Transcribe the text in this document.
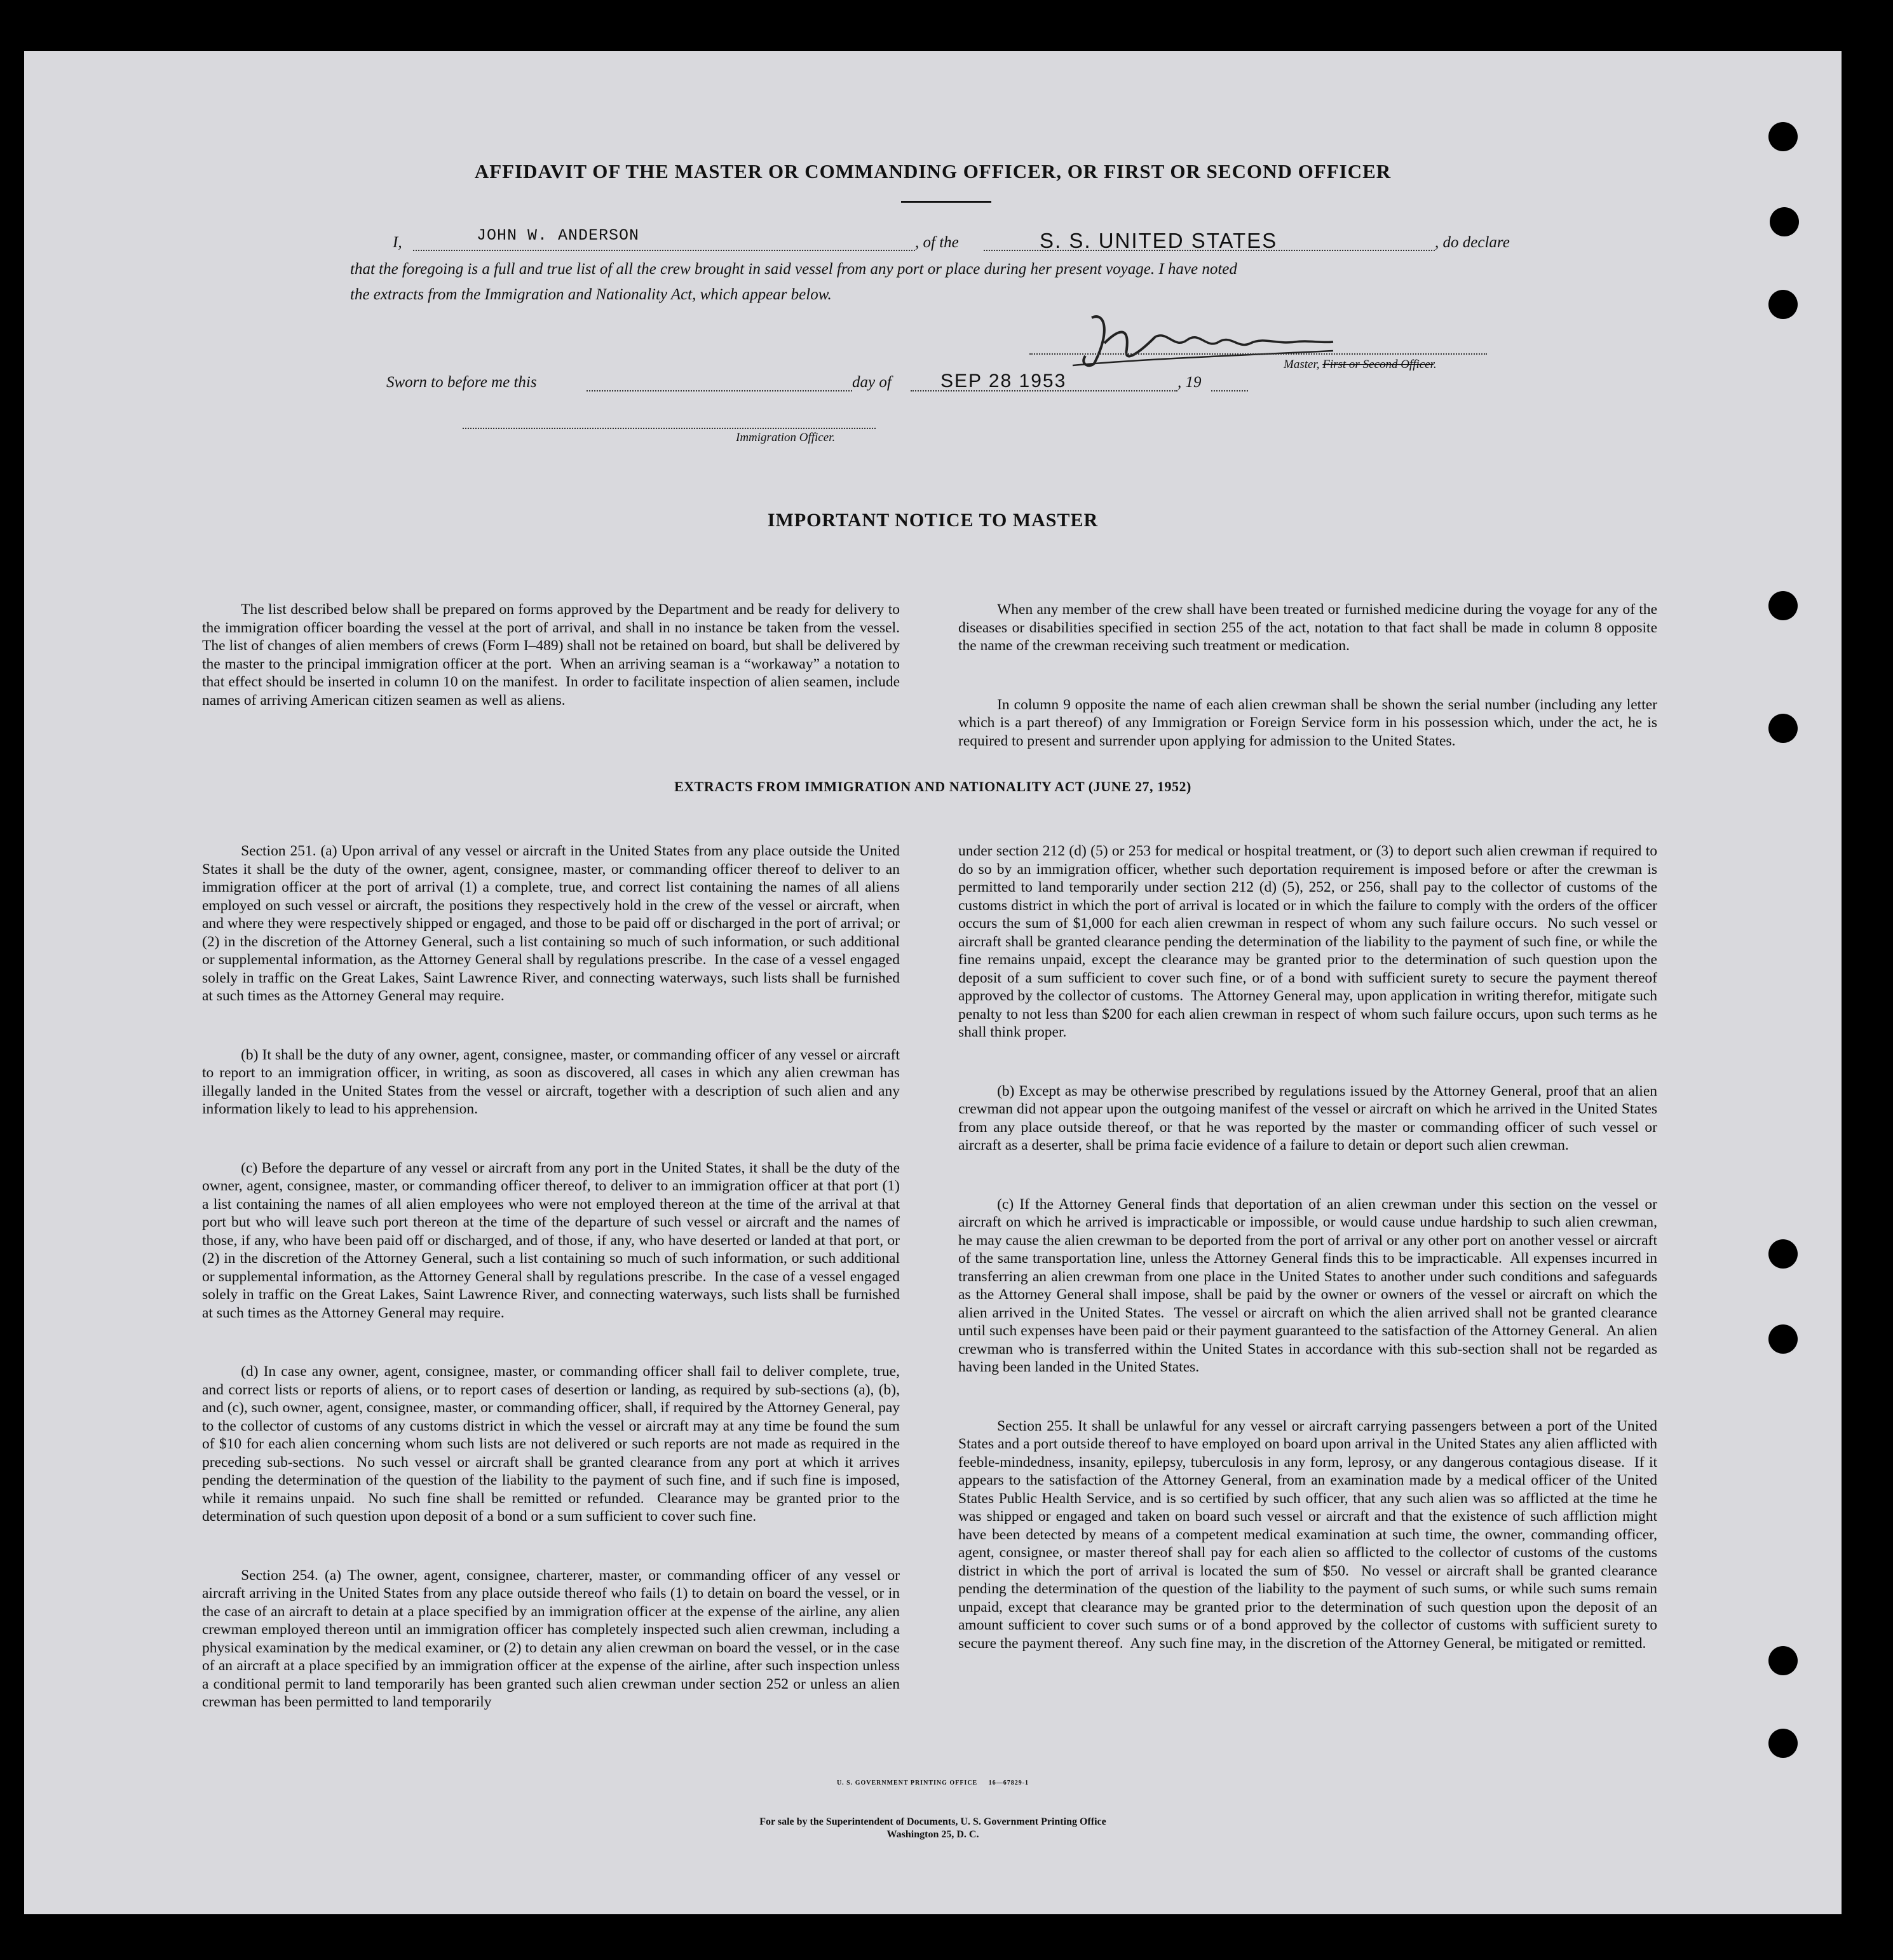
AFFIDAVIT OF THE MASTER OR COMMANDING OFFICER, OR FIRST OR SECOND OFFICER
I,	JOHN W. ANDERSON	, of the	S. S. UNITED STATES	, do declare
that the foregoing is a full and true list of all the crew brought in said vessel from any port or place during her present voyage. I have noted
the extracts from the Immigration and Nationality Act, which appear below.
Master, First or Second Officer.
Sworn to before me this	day of	SEP 28 1953	, 19
Immigration Officer.
IMPORTANT NOTICE TO MASTER

The list described below shall be prepared on forms approved by the Department and be ready for delivery to the immigration officer boarding the vessel at the port of arrival, and shall in no instance be taken from the vessel.  The list of changes of alien members of crews (Form I–489) shall not be retained on board, but shall be delivered by the master to the principal immigration officer at the port.  When an arriving seaman is a “workaway” a notation to that effect should be inserted in column 10 on the manifest.  In order to facilitate inspection of alien seamen, include names of arriving American citizen seamen as well as aliens.

When any member of the crew shall have been treated or furnished medicine during the voyage for any of the diseases or disabilities specified in section 255 of the act, notation to that fact shall be made in column 8 opposite the name of the crewman receiving such treatment or medication.

In column 9 opposite the name of each alien crewman shall be shown the serial number (including any letter which is a part thereof) of any Immigration or Foreign Service form in his possession which, under the act, he is required to present and surrender upon applying for admission to the United States.

EXTRACTS FROM IMMIGRATION AND NATIONALITY ACT (JUNE 27, 1952)

Section 251. (a) Upon arrival of any vessel or aircraft in the United States from any place outside the United States it shall be the duty of the owner, agent, consignee, master, or commanding officer thereof to deliver to an immigration officer at the port of arrival (1) a complete, true, and correct list containing the names of all aliens employed on such vessel or aircraft, the positions they respectively hold in the crew of the vessel or aircraft, when and where they were respectively shipped or engaged, and those to be paid off or discharged in the port of arrival; or (2) in the discretion of the Attorney General, such a list containing so much of such information, or such additional or supplemental information, as the Attorney General shall by regulations prescribe.  In the case of a vessel engaged solely in traffic on the Great Lakes, Saint Lawrence River, and connecting waterways, such lists shall be furnished at such times as the Attorney General may require.

(b) It shall be the duty of any owner, agent, consignee, master, or commanding officer of any vessel or aircraft to report to an immigration officer, in writing, as soon as discovered, all cases in which any alien crewman has illegally landed in the United States from the vessel or aircraft, together with a description of such alien and any information likely to lead to his apprehension.

(c) Before the departure of any vessel or aircraft from any port in the United States, it shall be the duty of the owner, agent, consignee, master, or commanding officer thereof, to deliver to an immigration officer at that port (1) a list containing the names of all alien employees who were not employed thereon at the time of the arrival at that port but who will leave such port thereon at the time of the departure of such vessel or aircraft and the names of those, if any, who have been paid off or discharged, and of those, if any, who have deserted or landed at that port, or (2) in the discretion of the Attorney General, such a list containing so much of such information, or such additional or supplemental information, as the Attorney General shall by regulations prescribe.  In the case of a vessel engaged solely in traffic on the Great Lakes, Saint Lawrence River, and connecting waterways, such lists shall be furnished at such times as the Attorney General may require.

(d) In case any owner, agent, consignee, master, or commanding officer shall fail to deliver complete, true, and correct lists or reports of aliens, or to report cases of desertion or landing, as required by sub-sections (a), (b), and (c), such owner, agent, consignee, master, or commanding officer, shall, if required by the Attorney General, pay to the collector of customs of any customs district in which the vessel or aircraft may at any time be found the sum of $10 for each alien concerning whom such lists are not delivered or such reports are not made as required in the preceding sub-sections.  No such vessel or aircraft shall be granted clearance from any port at which it arrives pending the determination of the question of the liability to the payment of such fine, and if such fine is imposed, while it remains unpaid.  No such fine shall be remitted or refunded.  Clearance may be granted prior to the determination of such question upon deposit of a bond or a sum sufficient to cover such fine.

Section 254. (a) The owner, agent, consignee, charterer, master, or commanding officer of any vessel or aircraft arriving in the United States from any place outside thereof who fails (1) to detain on board the vessel, or in the case of an aircraft to detain at a place specified by an immigration officer at the expense of the airline, any alien crewman employed thereon until an immigration officer has completely inspected such alien crewman, including a physical examination by the medical examiner, or (2) to detain any alien crewman on board the vessel, or in the case of an aircraft at a place specified by an immigration officer at the expense of the airline, after such inspection unless a conditional permit to land temporarily has been granted such alien crewman under section 252 or unless an alien crewman has been permitted to land temporarily

under section 212 (d) (5) or 253 for medical or hospital treatment, or (3) to deport such alien crewman if required to do so by an immigration officer, whether such deportation requirement is imposed before or after the crewman is permitted to land temporarily under section 212 (d) (5), 252, or 256, shall pay to the collector of customs of the customs district in which the port of arrival is located or in which the failure to comply with the orders of the officer occurs the sum of $1,000 for each alien crewman in respect of whom any such failure occurs.  No such vessel or aircraft shall be granted clearance pending the determination of the liability to the payment of such fine, or while the fine remains unpaid, except the clearance may be granted prior to the determination of such question upon the deposit of a sum sufficient to cover such fine, or of a bond with sufficient surety to secure the payment thereof approved by the collector of customs.  The Attorney General may, upon application in writing therefor, mitigate such penalty to not less than $200 for each alien crewman in respect of whom such failure occurs, upon such terms as he shall think proper.

(b) Except as may be otherwise prescribed by regulations issued by the Attorney General, proof that an alien crewman did not appear upon the outgoing manifest of the vessel or aircraft on which he arrived in the United States from any place outside thereof, or that he was reported by the master or commanding officer of such vessel or aircraft as a deserter, shall be prima facie evidence of a failure to detain or deport such alien crewman.

(c) If the Attorney General finds that deportation of an alien crewman under this section on the vessel or aircraft on which he arrived is impracticable or impossible, or would cause undue hardship to such alien crewman, he may cause the alien crewman to be deported from the port of arrival or any other port on another vessel or aircraft of the same transportation line, unless the Attorney General finds this to be impracticable.  All expenses incurred in transferring an alien crewman from one place in the United States to another under such conditions and safeguards as the Attorney General shall impose, shall be paid by the owner or owners of the vessel or aircraft on which the alien arrived in the United States.  The vessel or aircraft on which the alien arrived shall not be granted clearance until such expenses have been paid or their payment guaranteed to the satisfaction of the Attorney General.  An alien crewman who is transferred within the United States in accordance with this sub-section shall not be regarded as having been landed in the United States.

Section 255. It shall be unlawful for any vessel or aircraft carrying passengers between a port of the United States and a port outside thereof to have employed on board upon arrival in the United States any alien afflicted with feeble-mindedness, insanity, epilepsy, tuberculosis in any form, leprosy, or any dangerous contagious disease.  If it appears to the satisfaction of the Attorney General, from an examination made by a medical officer of the United States Public Health Service, and is so certified by such officer, that any such alien was so afflicted at the time he was shipped or engaged and taken on board such vessel or aircraft and that the existence of such affliction might have been detected by means of a competent medical examination at such time, the owner, commanding officer, agent, consignee, or master thereof shall pay for each alien so afflicted to the collector of customs of the customs district in which the port of arrival is located the sum of $50.  No vessel or aircraft shall be granted clearance pending the determination of the question of the liability to the payment of such sums, or while such sums remain unpaid, except that clearance may be granted prior to the determination of such question upon the deposit of an amount sufficient to cover such sums or of a bond approved by the collector of customs with sufficient surety to secure the payment thereof.  Any such fine may, in the discretion of the Attorney General, be mitigated or remitted.

U. S. GOVERNMENT PRINTING OFFICE     16—67829-1
For sale by the Superintendent of Documents, U. S. Government Printing Office
Washington 25, D. C.
